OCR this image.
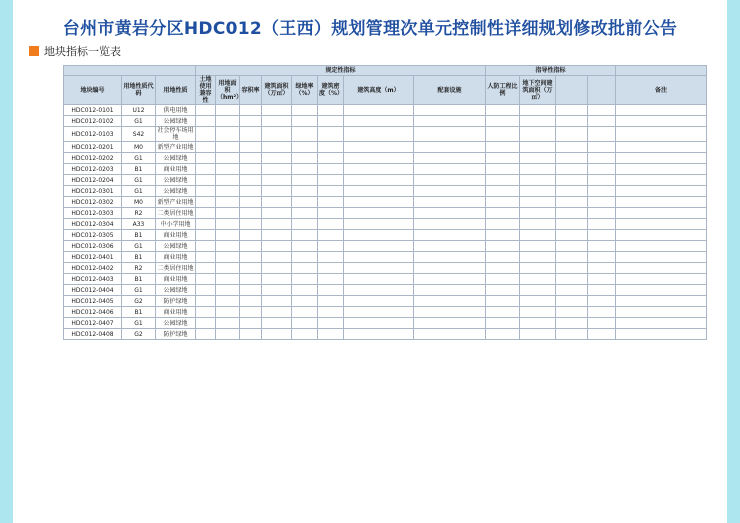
台州市黄岩分区HDC012（王西）规划管理次单元控制性详细规划修改批前公告
地块指标一览表
			规定性指标								指导性指标				
地块编号	用地性质代码	用地性质	土地使用兼容性	用地面积（hm²）	容积率	建筑面积（万㎡）	绿地率（%）	建筑密度（%）	建筑高度（m）	配套设施	人防工程比例	地下空间建筑面积（万㎡）			备注
HDC012-0101	U12	供电用地													
HDC012-0102	G1	公园绿地													
HDC012-0103	S42	社会停车场用地													
HDC012-0201	M0	新型产业用地													
HDC012-0202	G1	公园绿地													
HDC012-0203	B1	商业用地													
HDC012-0204	G1	公园绿地													
HDC012-0301	G1	公园绿地													
HDC012-0302	M0	新型产业用地													
HDC012-0303	R2	二类居住用地													
HDC012-0304	A33	中小学用地													
HDC012-0305	B1	商业用地													
HDC012-0306	G1	公园绿地													
HDC012-0401	B1	商业用地													
HDC012-0402	R2	二类居住用地													
HDC012-0403	B1	商业用地													
HDC012-0404	G1	公园绿地													
HDC012-0405	G2	防护绿地													
HDC012-0406	B1	商业用地													
HDC012-0407	G1	公园绿地													
HDC012-0408	G2	防护绿地													
